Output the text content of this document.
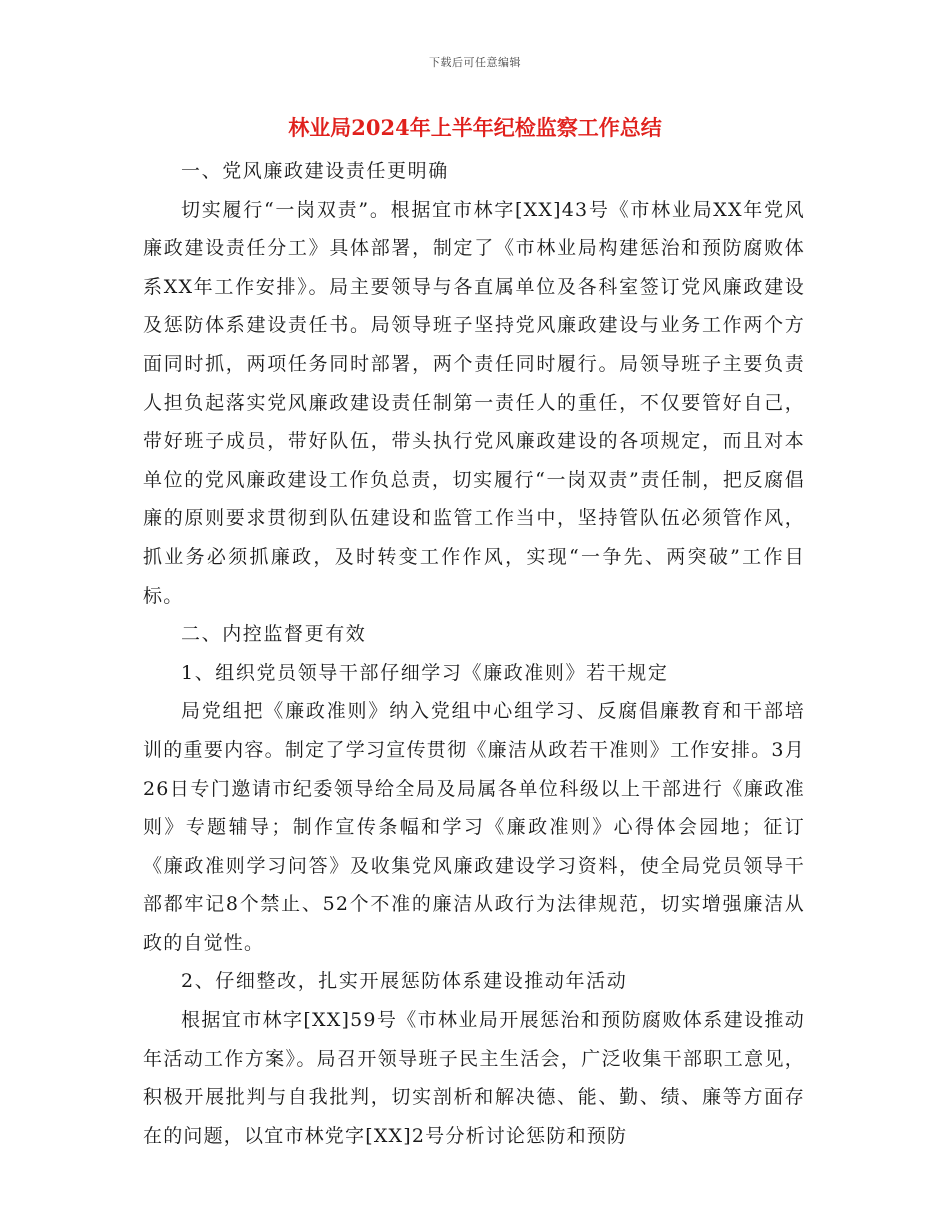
下载后可任意编辑
林业局2024年上半年纪检监察工作总结

一、党风廉政建设责任更明确

切实履行“一岗双责”。根据宜市林字[XX]43号《市林业局XX年党风廉政建设责任分工》具体部署，制定了《市林业局构建惩治和预防腐败体系XX年工作安排》。局主要领导与各直属单位及各科室签订党风廉政建设及惩防体系建设责任书。局领导班子坚持党风廉政建设与业务工作两个方面同时抓，两项任务同时部署，两个责任同时履行。局领导班子主要负责人担负起落实党风廉政建设责任制第一责任人的重任，不仅要管好自己，带好班子成员，带好队伍，带头执行党风廉政建设的各项规定，而且对本单位的党风廉政建设工作负总责，切实履行“一岗双责”责任制，把反腐倡廉的原则要求贯彻到队伍建设和监管工作当中，坚持管队伍必须管作风，抓业务必须抓廉政，及时转变工作作风，实现“一争先、两突破”工作目标。

二、内控监督更有效

1、组织党员领导干部仔细学习《廉政准则》若干规定

局党组把《廉政准则》纳入党组中心组学习、反腐倡廉教育和干部培训的重要内容。制定了学习宣传贯彻《廉洁从政若干准则》工作安排。3月26日专门邀请市纪委领导给全局及局属各单位科级以上干部进行《廉政准则》专题辅导；制作宣传条幅和学习《廉政准则》心得体会园地；征订《廉政准则学习问答》及收集党风廉政建设学习资料，使全局党员领导干部都牢记8个禁止、52个不准的廉洁从政行为法律规范，切实增强廉洁从政的自觉性。

2、仔细整改，扎实开展惩防体系建设推动年活动

根据宜市林字[XX]59号《市林业局开展惩治和预防腐败体系建设推动年活动工作方案》。局召开领导班子民主生活会，广泛收集干部职工意见，积极开展批判与自我批判，切实剖析和解决德、能、勤、绩、廉等方面存在的问题，以宜市林党字[XX]2号分析讨论惩防和预防
